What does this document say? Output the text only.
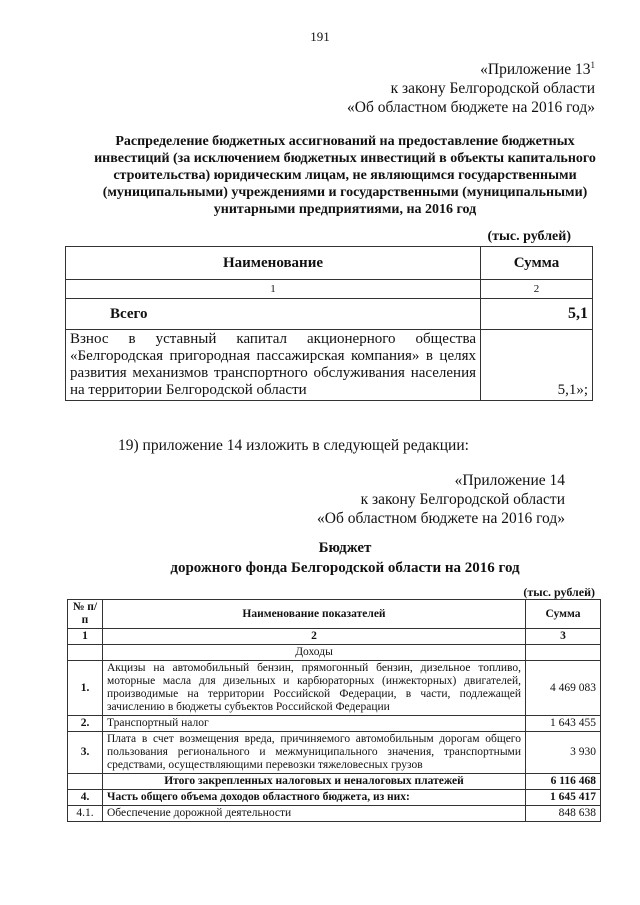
191
«Приложение $13^1$
к закону Белгородской области
«Об областном бюджете на 2016 год»
Распределение бюджетных ассигнований на предоставление бюджетных инвестиций (за исключением бюджетных инвестиций в объекты капитального строительства) юридическим лицам, не являющимся государственными (муниципальными) учреждениями и государственными (муниципальными) унитарными предприятиями, на 2016 год
(тыс. рублей)
Наименование	Сумма
1	2
Всего	5,1
Взнос в уставный капитал акционерного общества «Белгородская пригородная пассажирская компания» в целях развития механизмов транспортного обслуживания населения на территории Белгородской области	5,1»;
19) приложение 14 изложить в следующей редакции:
«Приложение 14
к закону Белгородской области
«Об областном бюджете на 2016 год»
Бюджет
дорожного фонда Белгородской области на 2016 год
(тыс. рублей)
№ п/п	Наименование показателей	Сумма
1	2	3
	Доходы	
1.	Акцизы на автомобильный бензин, прямогонный бензин, дизельное топливо, моторные масла для дизельных и карбюраторных (инжекторных) двигателей, производимые на территории Российской Федерации, в части, подлежащей зачислению в бюджеты субъектов Российской Федерации	4 469 083
2.	Транспортный налог	1 643 455
3.	Плата в счет возмещения вреда, причиняемого автомобильным дорогам общего пользования регионального и межмуниципального значения, транспортными средствами, осуществляющими перевозки тяжеловесных грузов	3 930
	Итого закрепленных налоговых и неналоговых платежей	6 116 468
4.	Часть общего объема доходов областного бюджета, из них:	1 645 417
4.1.	Обеспечение дорожной деятельности	848 638
